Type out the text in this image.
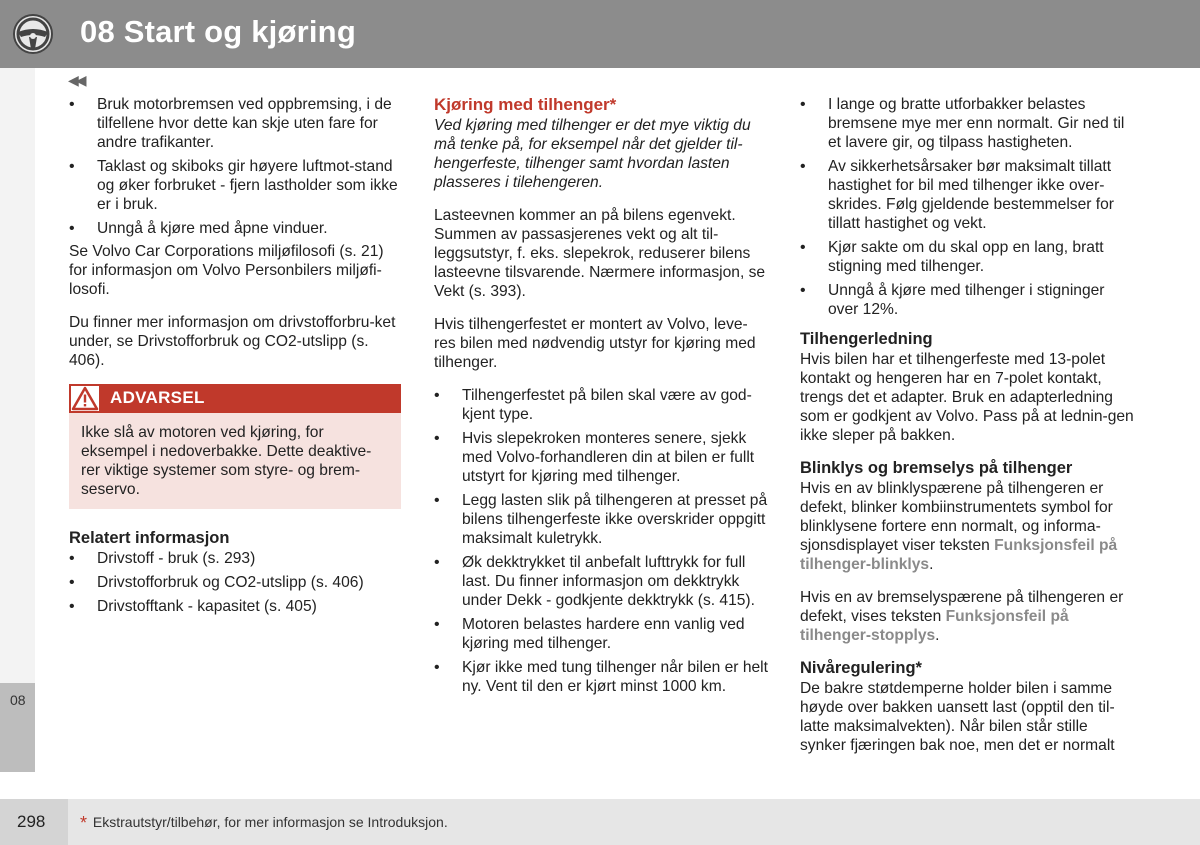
08 Start og kjøring
◀◀
08
• Bruk motorbremsen ved oppbremsing, i de tilfellene hvor dette kan skje uten fare for andre trafikanter.
• Taklast og skiboks gir høyere luftmot-stand og øker forbruket - fjern lastholder som ikke er i bruk.
• Unngå å kjøre med åpne vinduer.

Se Volvo Car Corporations miljøfilosofi (s. 21) for informasjon om Volvo Personbilers miljøfi-losofi.

Du finner mer informasjon om drivstofforbru-ket under, se Drivstofforbruk og CO2-utslipp (s. 406).

ADVARSEL
Ikke slå av motoren ved kjøring, for eksempel i nedoverbakke. Dette deaktive-rer viktige systemer som styre- og brem-seservo.
Relatert informasjon
• Drivstoff - bruk (s. 293)
• Drivstofforbruk og CO2-utslipp (s. 406)
• Drivstofftank - kapasitet (s. 405)
Kjøring med tilhenger*
Ved kjøring med tilhenger er det mye viktig du må tenke på, for eksempel når det gjelder til-hengerfeste, tilhenger samt hvordan lasten plasseres i tilehengeren.

Lasteevnen kommer an på bilens egenvekt. Summen av passasjerenes vekt og alt til-leggsutstyr, f. eks. slepekrok, reduserer bilens lasteevne tilsvarende. Nærmere informasjon, se Vekt (s. 393).

Hvis tilhengerfestet er montert av Volvo, leve-res bilen med nødvendig utstyr for kjøring med tilhenger.

• Tilhengerfestet på bilen skal være av god-kjent type.
• Hvis slepekroken monteres senere, sjekk med Volvo-forhandleren din at bilen er fullt utstyrt for kjøring med tilhenger.
• Legg lasten slik på tilhengeren at presset på bilens tilhengerfeste ikke overskrider oppgitt maksimalt kuletrykk.
• Øk dekktrykket til anbefalt lufttrykk for full last. Du finner informasjon om dekktrykk under Dekk - godkjente dekktrykk (s. 415).
• Motoren belastes hardere enn vanlig ved kjøring med tilhenger.
• Kjør ikke med tung tilhenger når bilen er helt ny. Vent til den er kjørt minst 1000 km.
• I lange og bratte utforbakker belastes bremsene mye mer enn normalt. Gir ned til et lavere gir, og tilpass hastigheten.
• Av sikkerhetsårsaker bør maksimalt tillatt hastighet for bil med tilhenger ikke over-skrides. Følg gjeldende bestemmelser for tillatt hastighet og vekt.
• Kjør sakte om du skal opp en lang, bratt stigning med tilhenger.
• Unngå å kjøre med tilhenger i stigninger over 12%.
Tilhengerledning

Hvis bilen har et tilhengerfeste med 13-polet kontakt og hengeren har en 7-polet kontakt, trengs det et adapter. Bruk en adapterledning som er godkjent av Volvo. Pass på at lednin-gen ikke sleper på bakken.

Blinklys og bremselys på tilhenger

Hvis en av blinklyspærene på tilhengeren er defekt, blinker kombiinstrumentets symbol for blinklysene fortere enn normalt, og informa-sjonsdisplayet viser teksten Funksjonsfeil på tilhenger-blinklys.

Hvis en av bremselyspærene på tilhengeren er defekt, vises teksten Funksjonsfeil på tilhenger-stopplys.

Nivåregulering*

De bakre støtdemperne holder bilen i samme høyde over bakken uansett last (opptil den til-latte maksimalvekten). Når bilen står stille synker fjæringen bak noe, men det er normalt

298 * Ekstrautstyr/tilbehør, for mer informasjon se Introduksjon.
